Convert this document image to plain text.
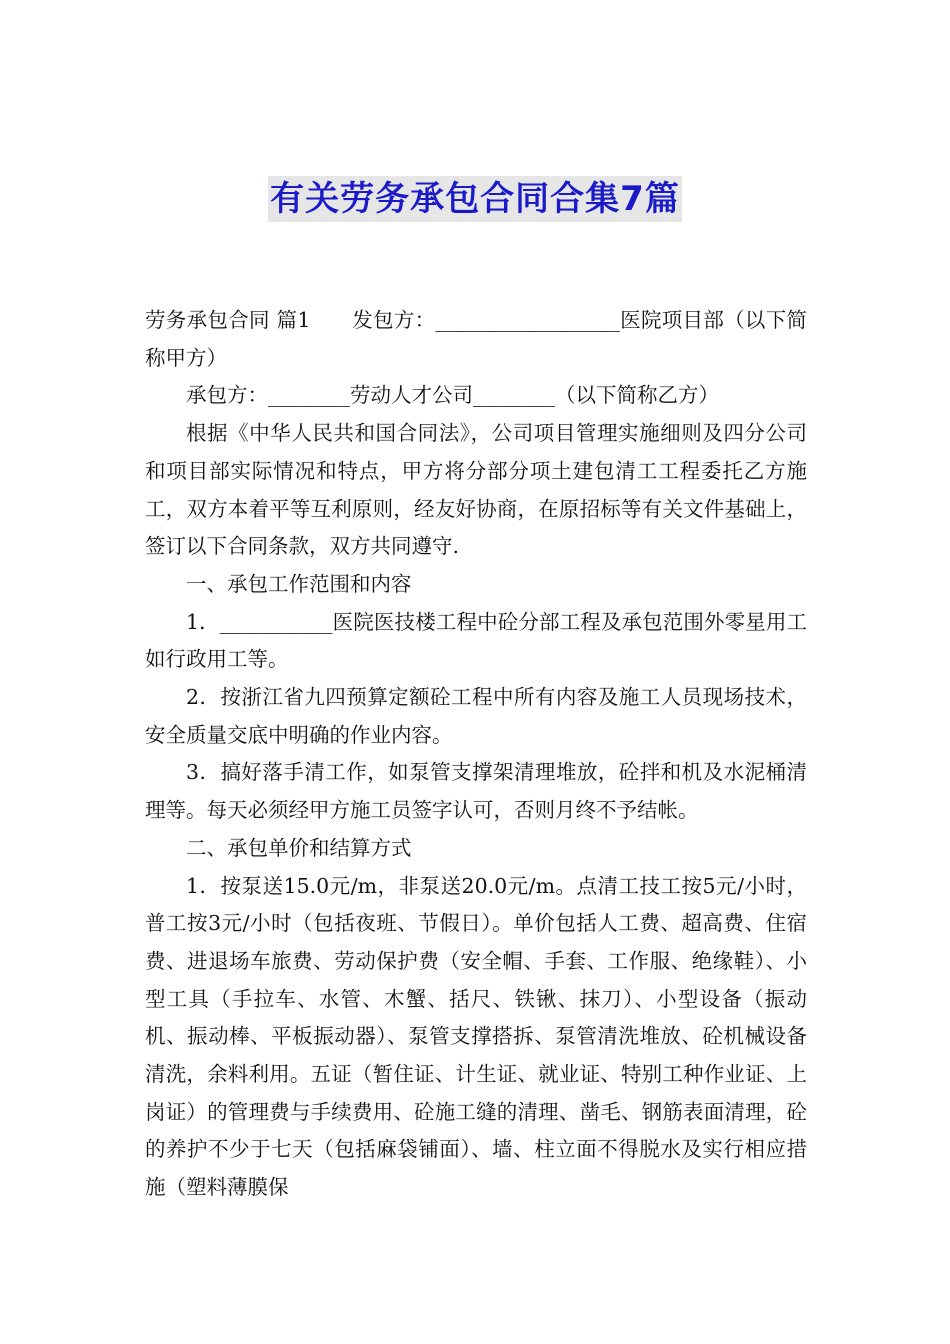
有关劳务承包合同合集7篇

劳务承包合同 篇1　　发包方：__________________医院项目部（以下简称甲方）

承包方：________劳动人才公司________（以下简称乙方）

根据《中华人民共和国合同法》，公司项目管理实施细则及四分公司和项目部实际情况和特点，甲方将分部分项土建包清工工程委托乙方施工，双方本着平等互利原则，经友好协商，在原招标等有关文件基础上，签订以下合同条款，双方共同遵守.

一、承包工作范围和内容

1．___________医院医技楼工程中砼分部工程及承包范围外零星用工如行政用工等。

2．按浙江省九四预算定额砼工程中所有内容及施工人员现场技术，安全质量交底中明确的作业内容。

3．搞好落手清工作，如泵管支撑架清理堆放，砼拌和机及水泥桶清理等。每天必须经甲方施工员签字认可，否则月终不予结帐。

二、承包单价和结算方式

1．按泵送15.0元/m，非泵送20.0元/m。点清工技工按5元/小时，普工按3元/小时（包括夜班、节假日）。单价包括人工费、超高费、住宿费、进退场车旅费、劳动保护费（安全帽、手套、工作服、绝缘鞋）、小型工具（手拉车、水管、木蟹、括尺、铁锹、抹刀）、小型设备（振动机、振动棒、平板振动器）、泵管支撑搭拆、泵管清洗堆放、砼机械设备清洗，余料利用。五证（暂住证、计生证、就业证、特别工种作业证、上岗证）的管理费与手续费用、砼施工缝的清理、凿毛、钢筋表面清理，砼的养护不少于七天（包括麻袋铺面）、墙、柱立面不得脱水及实行相应措施（塑料薄膜保
